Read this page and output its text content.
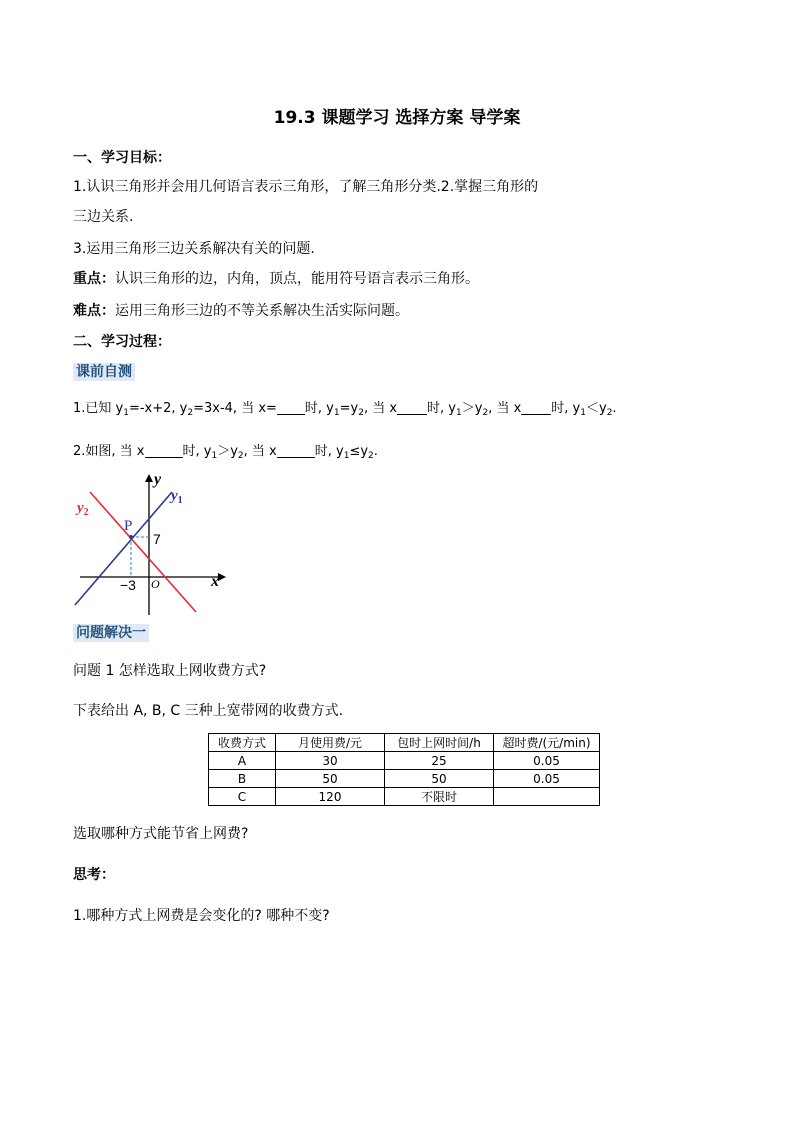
19.3 课题学习 选择方案 导学案
一、学习目标：
1.认识三角形并会用几何语言表示三角形，了解三角形分类.2.掌握三角形的
三边关系.
3.运用三角形三边关系解决有关的问题.
重点：认识三角形的边，内角，顶点，能用符号语言表示三角形。
难点：运用三角形三边的不等关系解决生活实际问题。
二、学习过程：
课前自测
1.已知 $y_1=-x+2$, $y_2=3x-4$, 当 x= 时, $y_1=y_2$, 当 x 时, $y_1>y_2$, 当 x 时, $y_1<y_2$.
2.如图, 当 x	时, $y_1>y_2$, 当 x	时, $y_1\le y_2$.
P
7
−3 O	x
y
$y_1$
$y_2$
问题解决一
问题 1 怎样选取上网收费方式?
下表给出 A, B, C 三种上宽带网的收费方式.
收费方式	月使用费/元	包时上网时间/h	超时费/(元/min)
A	30	25	0.05
B	50	50	0.05
C	120	不限时	
选取哪种方式能节省上网费?
思考：
1.哪种方式上网费是会变化的? 哪种不变?
